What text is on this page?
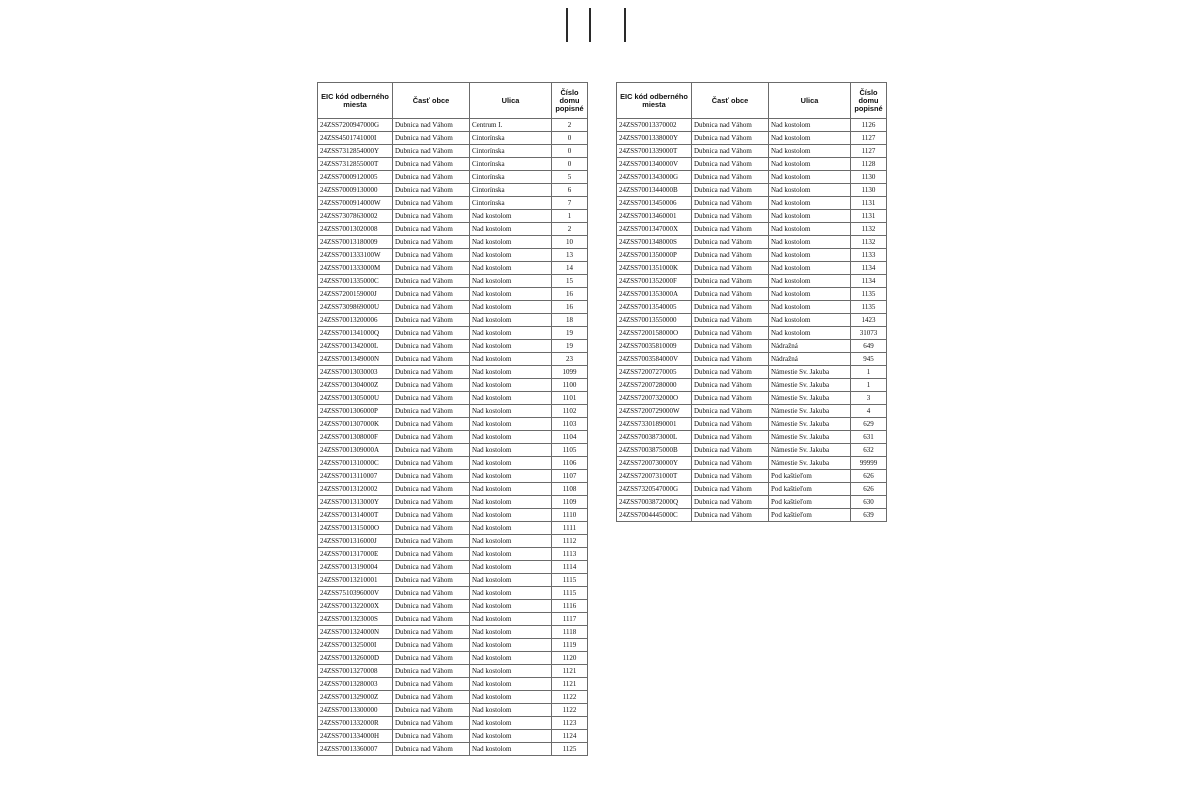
EIC kód odberného miesta	Časť obce	Ulica	Číslo domu popisné
24ZSS7200947000G	Dubnica nad Váhom	Centrum I.	2
24ZSS4501741000I	Dubnica nad Váhom	Cintorínska	0
24ZSS7312854000Y	Dubnica nad Váhom	Cintorínska	0
24ZSS7312855000T	Dubnica nad Váhom	Cintorínska	0
24ZSS70009120005	Dubnica nad Váhom	Cintorínska	5
24ZSS70009130000	Dubnica nad Váhom	Cintorínska	6
24ZSS7000914000W	Dubnica nad Váhom	Cintorínska	7
24ZSS73078630002	Dubnica nad Váhom	Nad kostolom	1
24ZSS70013020008	Dubnica nad Váhom	Nad kostolom	2
24ZSS70013180009	Dubnica nad Váhom	Nad kostolom	10
24ZSS7001333100W	Dubnica nad Váhom	Nad kostolom	13
24ZSS7001333000M	Dubnica nad Váhom	Nad kostolom	14
24ZSS7001335000C	Dubnica nad Váhom	Nad kostolom	15
24ZSS7200159000J	Dubnica nad Váhom	Nad kostolom	16
24ZSS7309869000U	Dubnica nad Váhom	Nad kostolom	16
24ZSS70013200006	Dubnica nad Váhom	Nad kostolom	18
24ZSS7001341000Q	Dubnica nad Váhom	Nad kostolom	19
24ZSS7001342000L	Dubnica nad Váhom	Nad kostolom	19
24ZSS7001349000N	Dubnica nad Váhom	Nad kostolom	23
24ZSS70013030003	Dubnica nad Váhom	Nad kostolom	1099
24ZSS7001304000Z	Dubnica nad Váhom	Nad kostolom	1100
24ZSS7001305000U	Dubnica nad Váhom	Nad kostolom	1101
24ZSS7001306000P	Dubnica nad Váhom	Nad kostolom	1102
24ZSS7001307000K	Dubnica nad Váhom	Nad kostolom	1103
24ZSS7001308000F	Dubnica nad Váhom	Nad kostolom	1104
24ZSS7001309000A	Dubnica nad Váhom	Nad kostolom	1105
24ZSS7001310000C	Dubnica nad Váhom	Nad kostolom	1106
24ZSS70013110007	Dubnica nad Váhom	Nad kostolom	1107
24ZSS70013120002	Dubnica nad Váhom	Nad kostolom	1108
24ZSS7001313000Y	Dubnica nad Váhom	Nad kostolom	1109
24ZSS7001314000T	Dubnica nad Váhom	Nad kostolom	1110
24ZSS7001315000O	Dubnica nad Váhom	Nad kostolom	1111
24ZSS7001316000J	Dubnica nad Váhom	Nad kostolom	1112
24ZSS7001317000E	Dubnica nad Váhom	Nad kostolom	1113
24ZSS70013190004	Dubnica nad Váhom	Nad kostolom	1114
24ZSS70013210001	Dubnica nad Váhom	Nad kostolom	1115
24ZSS7510396000V	Dubnica nad Váhom	Nad kostolom	1115
24ZSS7001322000X	Dubnica nad Váhom	Nad kostolom	1116
24ZSS7001323000S	Dubnica nad Váhom	Nad kostolom	1117
24ZSS7001324000N	Dubnica nad Váhom	Nad kostolom	1118
24ZSS7001325000I	Dubnica nad Váhom	Nad kostolom	1119
24ZSS7001326000D	Dubnica nad Váhom	Nad kostolom	1120
24ZSS70013270008	Dubnica nad Váhom	Nad kostolom	1121
24ZSS70013280003	Dubnica nad Váhom	Nad kostolom	1121
24ZSS7001329000Z	Dubnica nad Váhom	Nad kostolom	1122
24ZSS70013300000	Dubnica nad Váhom	Nad kostolom	1122
24ZSS7001332000R	Dubnica nad Váhom	Nad kostolom	1123
24ZSS7001334000H	Dubnica nad Váhom	Nad kostolom	1124
24ZSS70013360007	Dubnica nad Váhom	Nad kostolom	1125
EIC kód odberného miesta	Časť obce	Ulica	Číslo domu popisné
24ZSS70013370002	Dubnica nad Váhom	Nad kostolom	1126
24ZSS7001338000Y	Dubnica nad Váhom	Nad kostolom	1127
24ZSS7001339000T	Dubnica nad Váhom	Nad kostolom	1127
24ZSS7001340000V	Dubnica nad Váhom	Nad kostolom	1128
24ZSS7001343000G	Dubnica nad Váhom	Nad kostolom	1130
24ZSS7001344000B	Dubnica nad Váhom	Nad kostolom	1130
24ZSS70013450006	Dubnica nad Váhom	Nad kostolom	1131
24ZSS70013460001	Dubnica nad Váhom	Nad kostolom	1131
24ZSS7001347000X	Dubnica nad Váhom	Nad kostolom	1132
24ZSS7001348000S	Dubnica nad Váhom	Nad kostolom	1132
24ZSS7001350000P	Dubnica nad Váhom	Nad kostolom	1133
24ZSS7001351000K	Dubnica nad Váhom	Nad kostolom	1134
24ZSS7001352000F	Dubnica nad Váhom	Nad kostolom	1134
24ZSS7001353000A	Dubnica nad Váhom	Nad kostolom	1135
24ZSS70013540005	Dubnica nad Váhom	Nad kostolom	1135
24ZSS70013550000	Dubnica nad Váhom	Nad kostolom	1423
24ZSS7200158000O	Dubnica nad Váhom	Nad kostolom	31073
24ZSS70035810009	Dubnica nad Váhom	Nádražná	649
24ZSS7003584000V	Dubnica nad Váhom	Nádražná	945
24ZSS72007270005	Dubnica nad Váhom	Námestie Sv. Jakuba	1
24ZSS72007280000	Dubnica nad Váhom	Námestie Sv. Jakuba	1
24ZSS7200732000O	Dubnica nad Váhom	Námestie Sv. Jakuba	3
24ZSS7200729000W	Dubnica nad Váhom	Námestie Sv. Jakuba	4
24ZSS73301890001	Dubnica nad Váhom	Námestie Sv. Jakuba	629
24ZSS7003873000L	Dubnica nad Váhom	Námestie Sv. Jakuba	631
24ZSS7003875000B	Dubnica nad Váhom	Námestie Sv. Jakuba	632
24ZSS7200730000Y	Dubnica nad Váhom	Námestie Sv. Jakuba	99999
24ZSS7200731000T	Dubnica nad Váhom	Pod kaštieľom	626
24ZSS7320547000G	Dubnica nad Váhom	Pod kaštieľom	626
24ZSS7003872000Q	Dubnica nad Váhom	Pod kaštieľom	630
24ZSS7004445000C	Dubnica nad Váhom	Pod kaštieľom	639
